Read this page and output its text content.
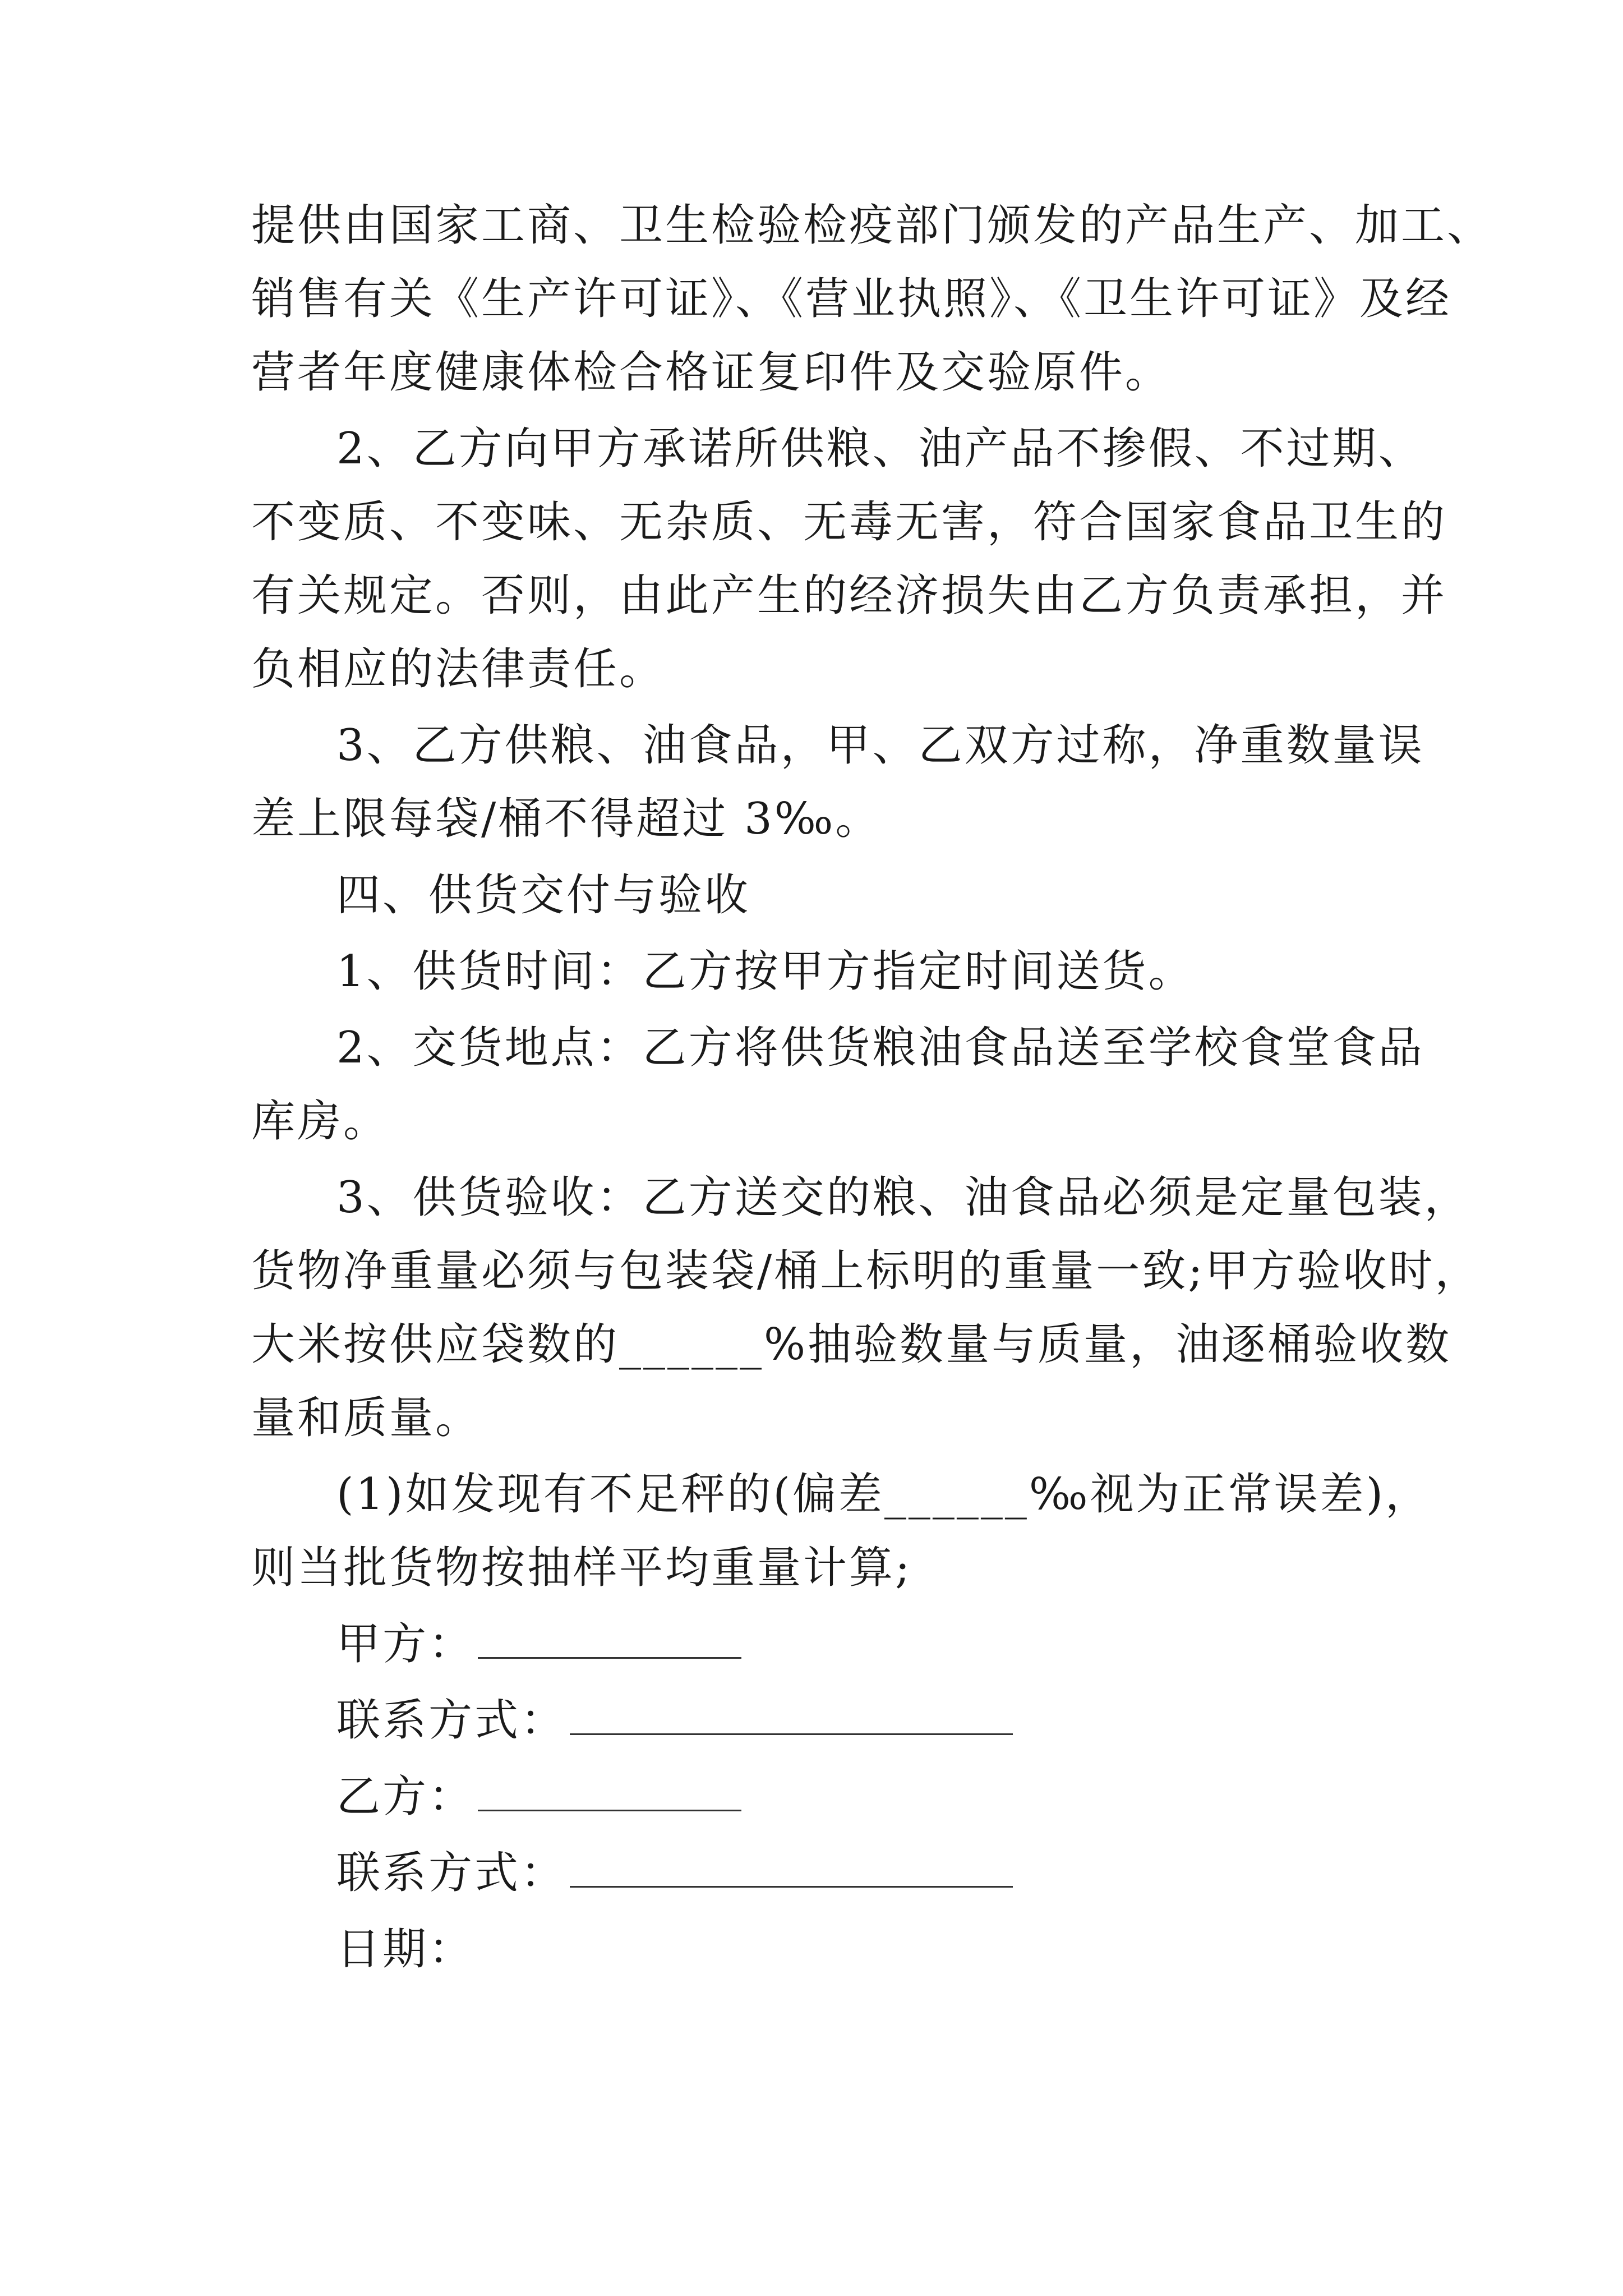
提供由国家工商、卫生检验检疫部门颁发的产品生产、加工、
销售有关《生产许可证》、《营业执照》、《卫生许可证》及经
营者年度健康体检合格证复印件及交验原件。
2、乙方向甲方承诺所供粮、油产品不掺假、不过期、
不变质、不变味、无杂质、无毒无害，符合国家食品卫生的
有关规定。否则，由此产生的经济损失由乙方负责承担，并
负相应的法律责任。
3、乙方供粮、油食品，甲、乙双方过称，净重数量误
差上限每袋/桶不得超过 3‰。
四、供货交付与验收
1、供货时间：乙方按甲方指定时间送货。
2、交货地点：乙方将供货粮油食品送至学校食堂食品
库房。
3、供货验收：乙方送交的粮、油食品必须是定量包装，
货物净重量必须与包装袋/桶上标明的重量一致;甲方验收时，
大米按供应袋数的______%抽验数量与质量，油逐桶验收数
量和质量。
(1)如发现有不足秤的(偏差______‰视为正常误差)，
则当批货物按抽样平均重量计算;
甲方：
联系方式：
乙方：
联系方式：
日期：
